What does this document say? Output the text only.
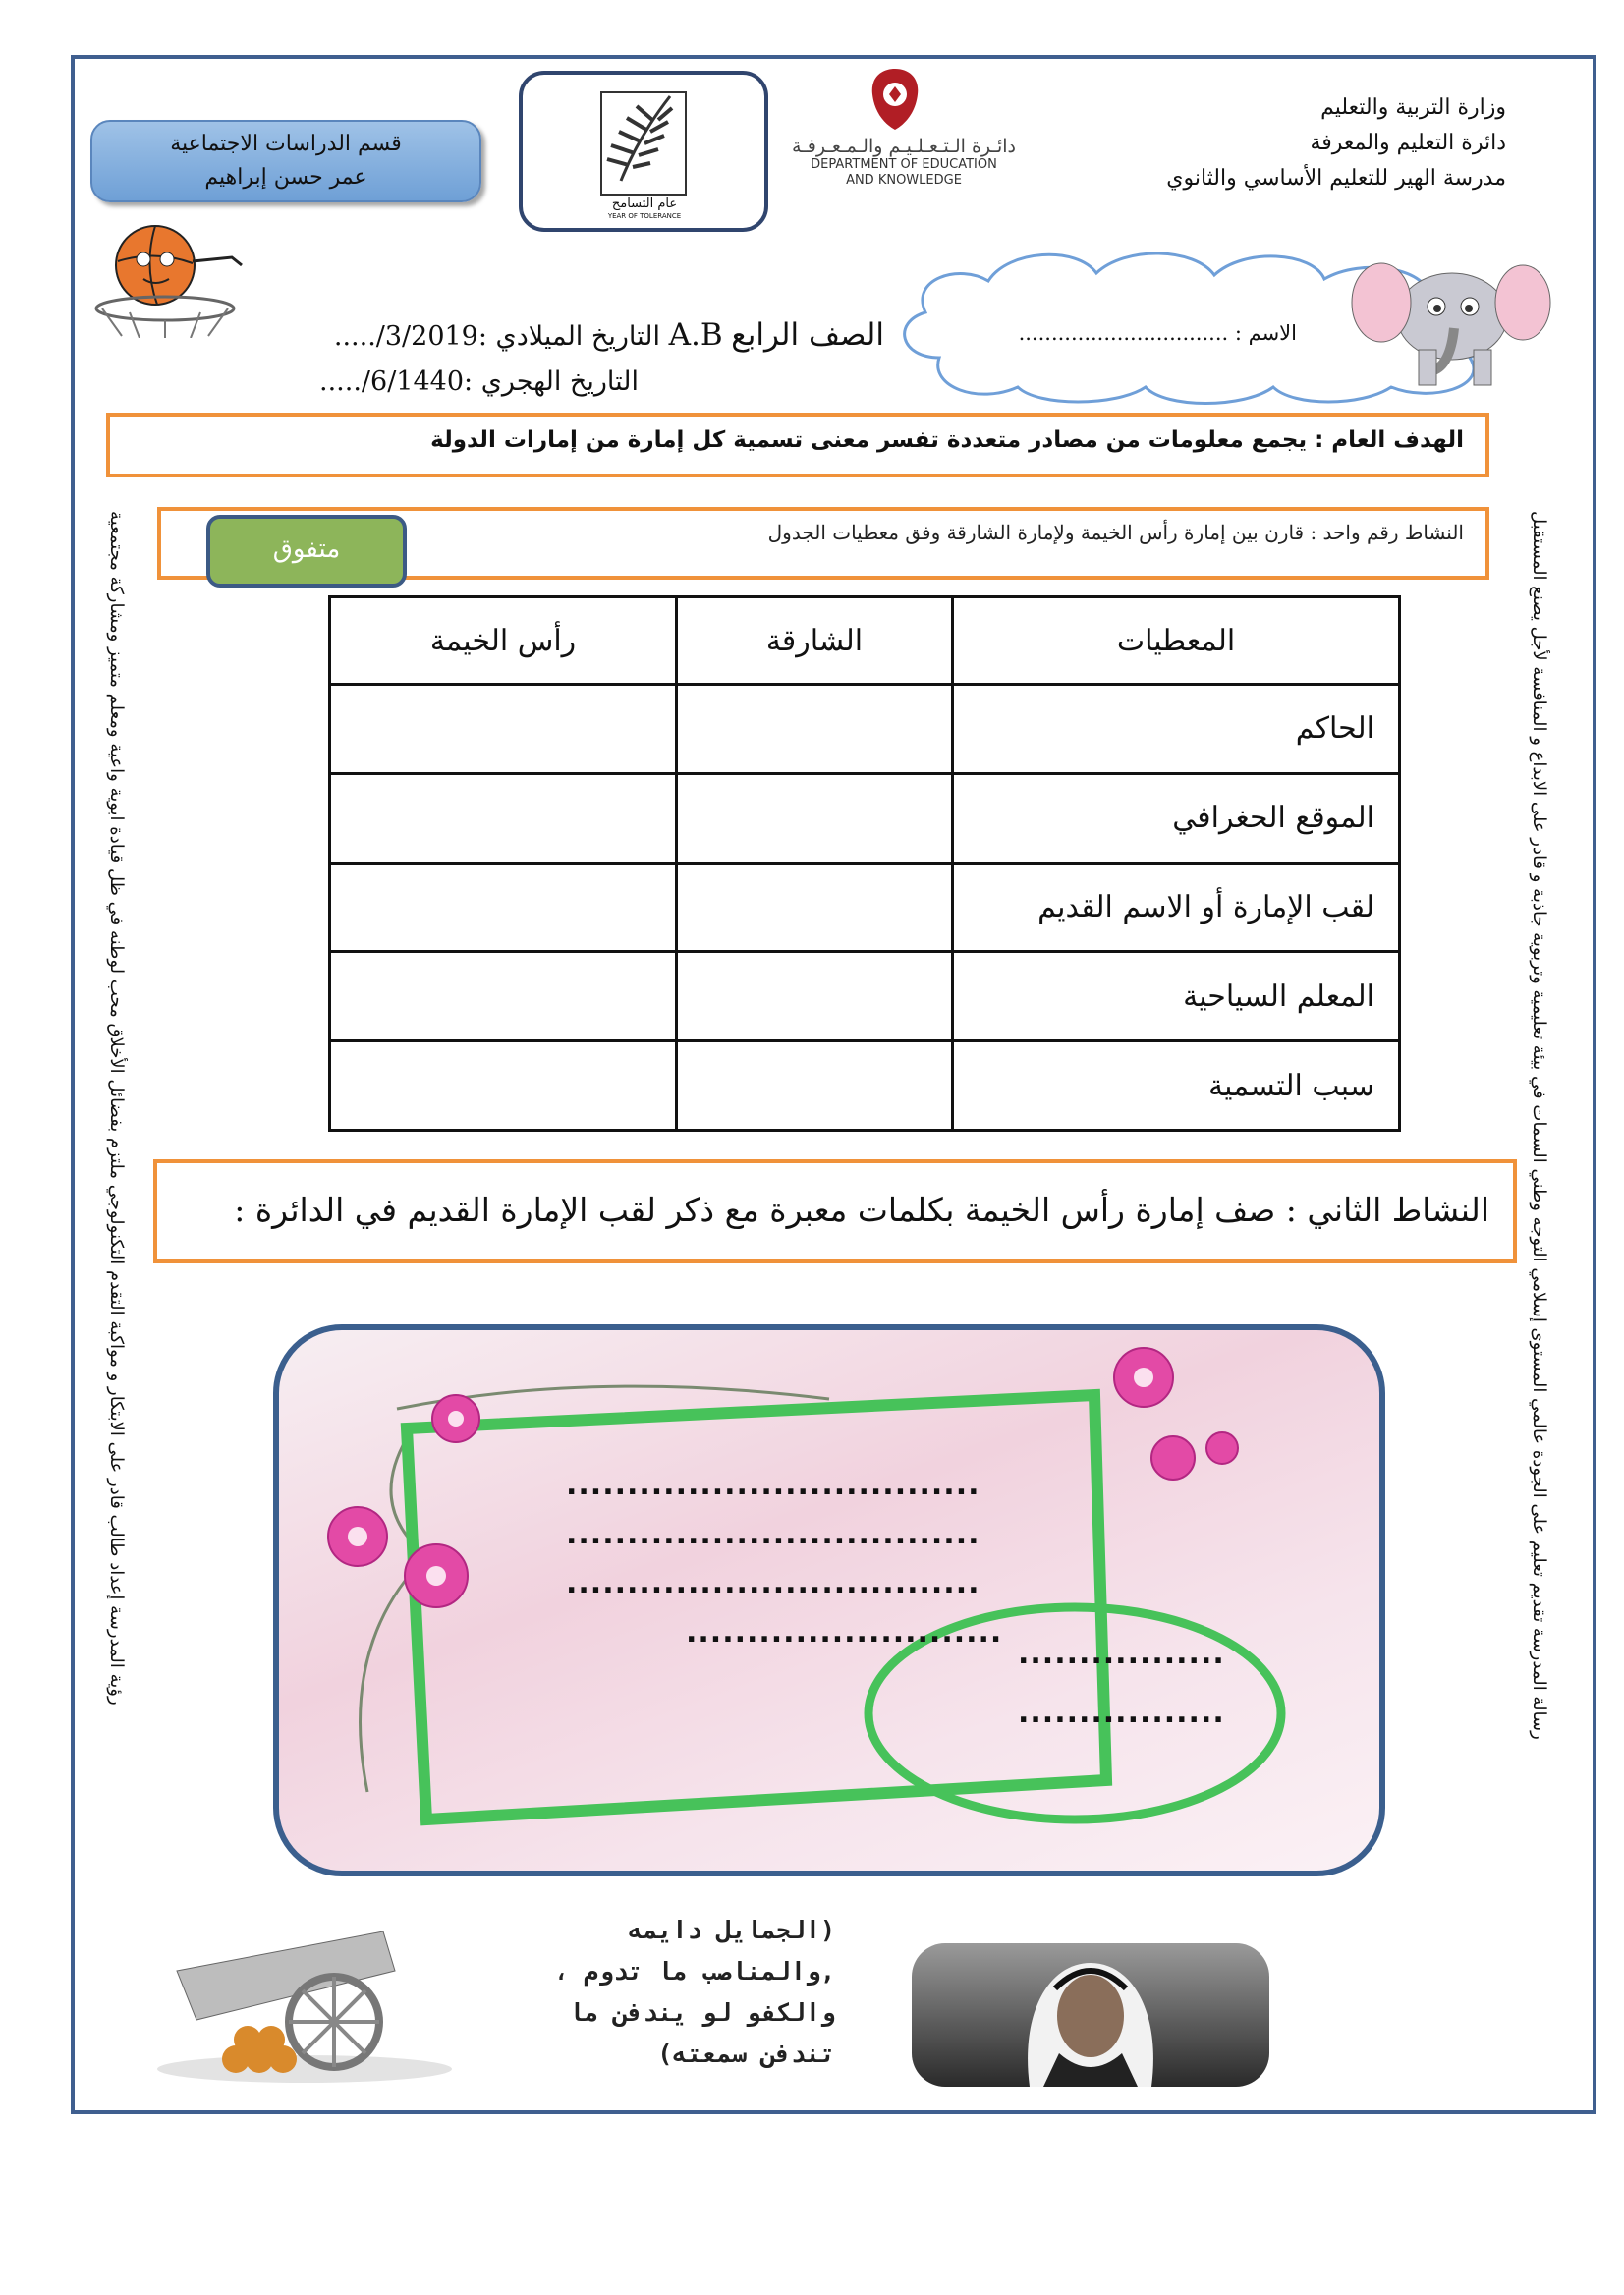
وزارة التربية والتعليم
دائرة التعليم والمعرفة
مدرسة الهير للتعليم الأساسي والثانوي
عام التسامح
YEAR OF TOLERANCE
دائـرة الـتـعـلـيـم والـمـعـرفـة
DEPARTMENT OF EDUCATION
AND KNOWLEDGE
قسم الدراسات الاجتماعية
عمر حسن إبراهيم
الاسم : ................................
الصف الرابع A.B التاريخ الميلادي :3/2019/.....
التاريخ الهجري :6/1440/.....
الهدف العام : يجمع معلومات من مصادر متعددة تفسر معنى تسمية كل إمارة من إمارات الدولة
النشاط رقم واحد : قارن بين إمارة رأس الخيمة ولإمارة الشارقة وفق معطيات الجدول
متفوق
المعطيات	الشارقة	رأس الخيمة
الحاكم		
الموقع الحغرافي		
لقب الإمارة أو الاسم القديم		
المعلم السياحية		
سبب التسمية		
النشاط الثاني : صف إمارة رأس الخيمة بكلمات معبرة مع ذكر لقب الإمارة القديم في الدائرة :
..................................
..................................
..................................
..........................
.................
.................
رؤية المدرسة إعداد طالب قادر على الابتكار و مواكبة التقدم التكنولوجي ملتزم بفضائل الأخلاق محب لوطنه في ظل قيادة ابوية واعية ومعلم متميز ومشاركة مجتمعية	رسالة المدرسة تقديم تعليم على الجودة عالمي المستوى إسلامي التوجه وطني السمات في بيئة تعليمية وتربوية جاذبة و قادر على الابداع و المنافسة لأجل يصنع المستقبل
(الجمايل دايمه
,والمناصب ما تدوم ،
والكفو لو يندفن ما
تندفن سمعته)
